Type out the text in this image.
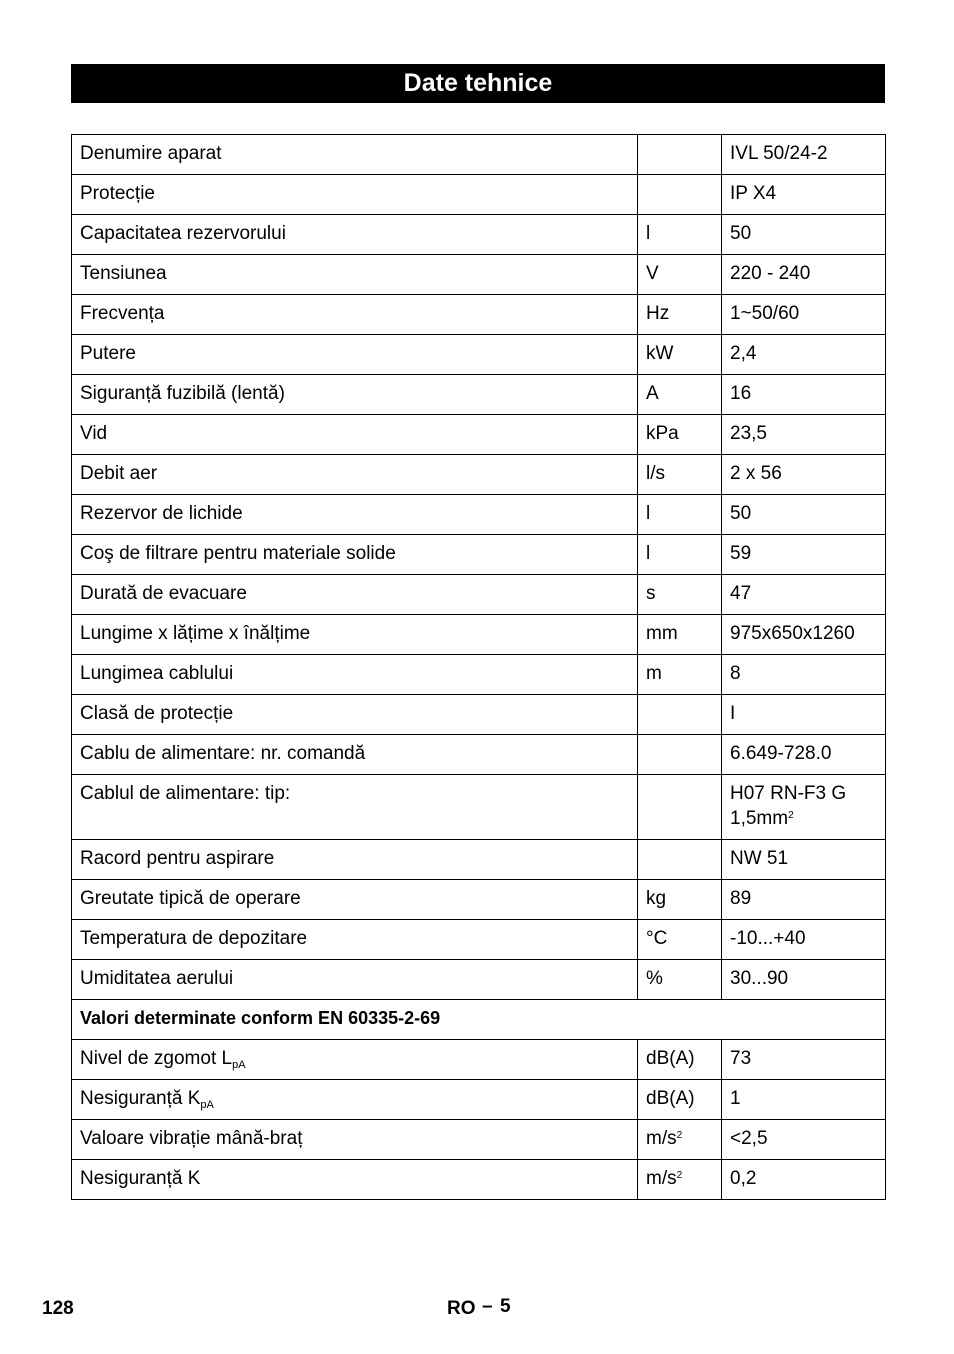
Date tehnice
Denumire aparat		IVL 50/24-2
Protecție		IP X4
Capacitatea rezervorului	l	50
Tensiunea	V	220 - 240
Frecvența	Hz	1~50/60
Putere	kW	2,4
Siguranță fuzibilă (lentă)	A	16
Vid	kPa	23,5
Debit aer	l/s	2 x 56
Rezervor de lichide	l	50
Coş de filtrare pentru materiale solide	l	59
Durată de evacuare	s	47
Lungime x lățime x înălțime	mm	975x650x1260
Lungimea cablului	m	8
Clasă de protecție		I
Cablu de alimentare: nr. comandă		6.649-728.0
Cablul de alimentare: tip:		H07 RN-F3 G
$1,5mm^2$
Racord pentru aspirare		NW 51
Greutate tipică de operare	kg	89
Temperatura de depozitare	°C	-10...+40
Umiditatea aerului	%	30...90
Valori determinate conform EN 60335-2-69		
Nivel de zgomot $L_{pA}$	dB(A)	73
Nesiguranță $K_{pA}$	dB(A)	1
Valoare vibrație mână-braț	$m/s^2$	<2,5
Nesiguranță K	$m/s^2$	0,2
128	RO – 5
